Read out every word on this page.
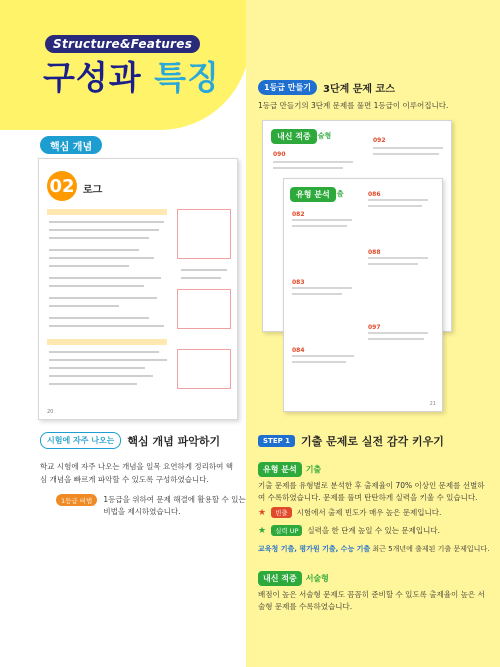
Structure&Features
구성과 특징
핵심 개념
02 로그
20
시험에 자주 나오는	핵심 개념 파악하기
학교 시험에 자주 나오는 개념을 일목 요연하게 정리하여 핵심 개념을 빠르게 파악할 수 있도록 구성하였습니다.
1등급 비법	1등급을 위하여 문제 해결에 활용할 수 있는 비법을 제시하였습니다.
1등급 만들기	3단계 문제 코스
1등급 만들기의 3단계 문제를 풀면 1등급이 이루어집니다.
내신 적중 서술형
090
092
유형 분석 기출
082
083
084
086
088
097
21
STEP 1	기출 문제로 실전 감각 키우기
유형 분석	기출
기출 문제를 유형별로 분석한 후 출제율이 70% 이상인 문제를 선별하여 수록하였습니다. 문제를 풀며 탄탄하게 실력을 키울 수 있습니다.
★	빈출	시험에서 출제 빈도가 매우 높은 문제입니다.
★	실력 UP	실력을 한 단계 높일 수 있는 문제입니다.
교육청 기출, 평가원 기출, 수능 기출 최근 5개년에 출제된 기출 문제입니다.
내신 적중	서술형
배점이 높은 서술형 문제도 꼼꼼히 준비할 수 있도록 출제율이 높은 서술형 문제를 수록하였습니다.
